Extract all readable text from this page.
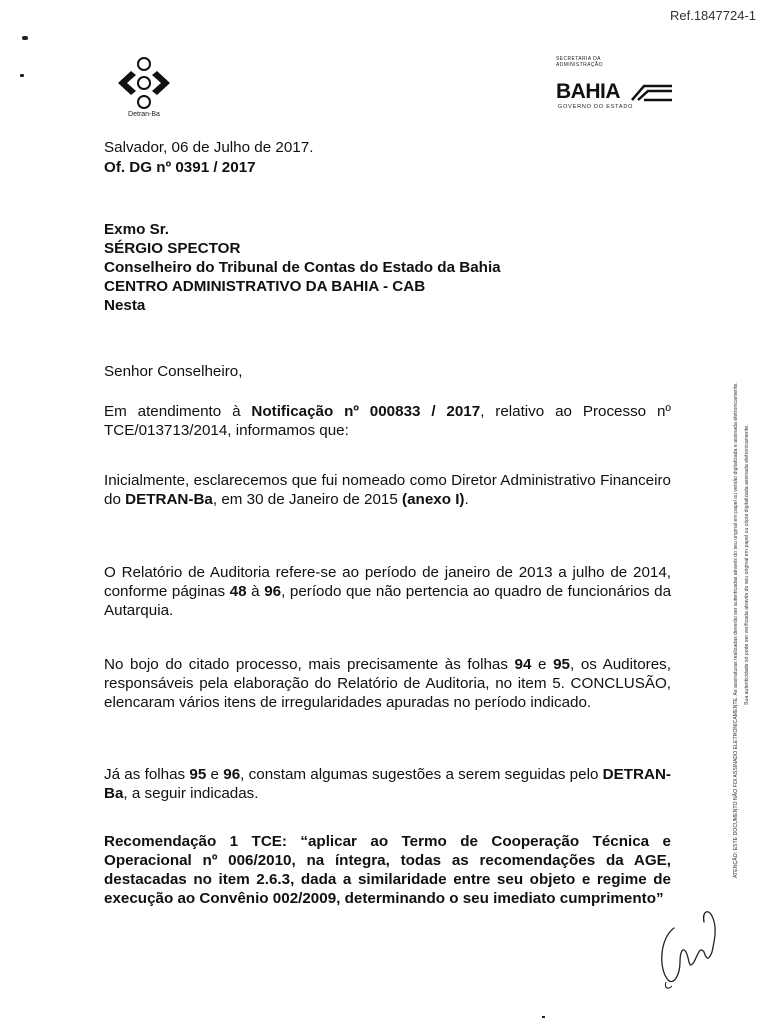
Ref.1847724-1
Detran-Ba
SECRETARIA DA
ADMINISTRAÇÃO
BAHIA
GOVERNO DO ESTADO
Salvador, 06 de Julho de 2017.
Of. DG nº 0391 / 2017
Exmo Sr.
SÉRGIO SPECTOR
Conselheiro do Tribunal de Contas do Estado da Bahia
CENTRO ADMINISTRATIVO DA BAHIA - CAB
Nesta
Senhor Conselheiro,
Em atendimento à Notificação nº 000833 / 2017, relativo ao Processo nº TCE/013713/2014, informamos que:
Inicialmente, esclarecemos que fui nomeado como Diretor Administrativo Financeiro do DETRAN-Ba, em 30 de Janeiro de 2015 (anexo I).
O Relatório de Auditoria refere-se ao período de janeiro de 2013 a julho de 2014, conforme páginas 48 à 96, período que não pertencia ao quadro de funcionários da Autarquia.
No bojo do citado processo, mais precisamente às folhas 94 e 95, os Auditores, responsáveis pela elaboração do Relatório de Auditoria, no item 5. CONCLUSÃO, elencaram vários itens de irregularidades apuradas no período indicado.
Já as folhas 95 e 96, constam algumas sugestões a serem seguidas pelo DETRAN-Ba, a seguir indicadas.
Recomendação 1 TCE: “aplicar ao Termo de Cooperação Técnica e Operacional nº 006/2010, na íntegra, todas as recomendações da AGE, destacadas no item 2.6.3, dada a similaridade entre seu objeto e regime de execução ao Convênio 002/2009, determinando o seu imediato cumprimento”
ATENÇÃO: ESTE DOCUMENTO NÃO FOI ASSINADO ELETRONICAMENTE. As assinaturas realizadas deverão ser autenticadas através do seu original em papel ou versão digitalizada e assinada eletronicamente. Sua autenticidade só pode ser verificada através do seu original em papel ou cópia digitalizada assinada eletronicamente.
